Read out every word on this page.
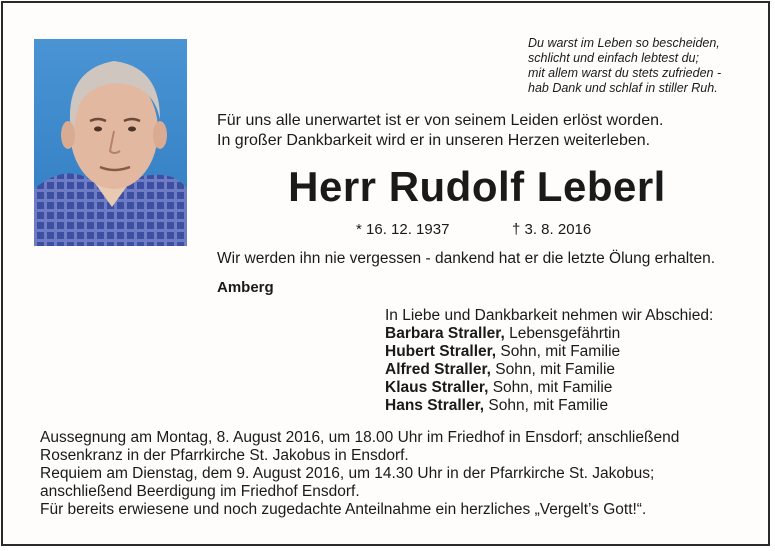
Du warst im Leben so bescheiden,
schlicht und einfach lebtest du;
mit allem warst du stets zufrieden -
hab Dank und schlaf in stiller Ruh.
Für uns alle unerwartet ist er von seinem Leiden erlöst worden.
In großer Dankbarkeit wird er in unseren Herzen weiterleben.
Herr Rudolf Leberl
* 16. 12. 1937	† 3. 8. 2016
Wir werden ihn nie vergessen - dankend hat er die letzte Ölung erhalten.
Amberg
In Liebe und Dankbarkeit nehmen wir Abschied:
Barbara Straller, Lebensgefährtin
Hubert Straller, Sohn, mit Familie
Alfred Straller, Sohn, mit Familie
Klaus Straller, Sohn, mit Familie
Hans Straller, Sohn, mit Familie
Aussegnung am Montag, 8. August 2016, um 18.00 Uhr im Friedhof in Ensdorf; anschließend
Rosenkranz in der Pfarrkirche St. Jakobus in Ensdorf.
Requiem am Dienstag, dem 9. August 2016, um 14.30 Uhr in der Pfarrkirche St. Jakobus;
anschließend Beerdigung im Friedhof Ensdorf.
Für bereits erwiesene und noch zugedachte Anteilnahme ein herzliches „Vergelt’s Gott!“.
